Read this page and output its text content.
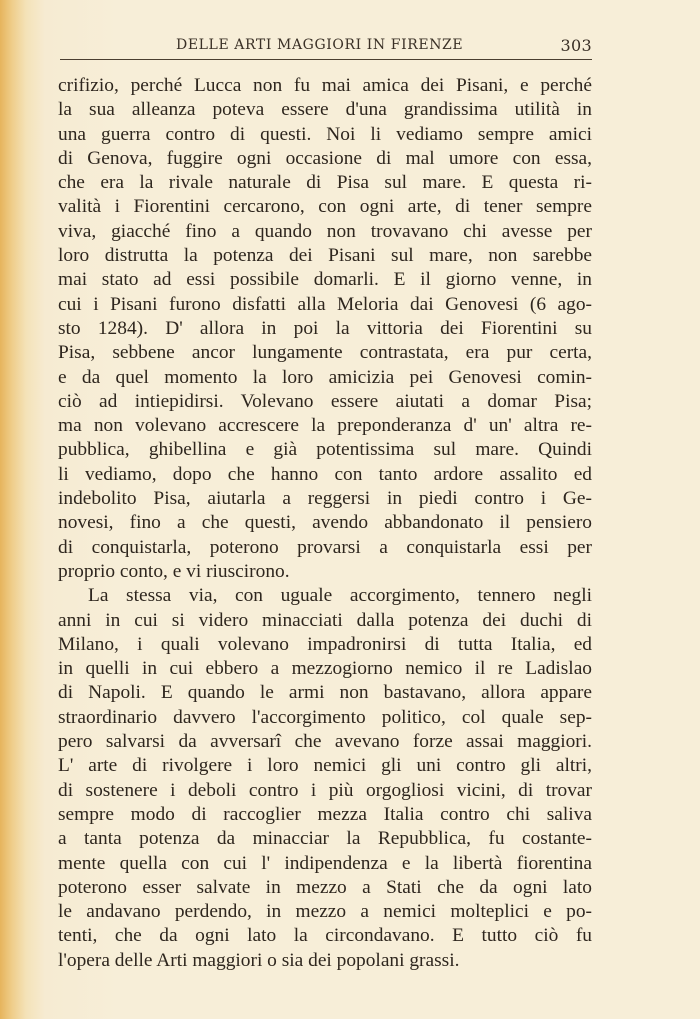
DELLE ARTI MAGGIORI IN FIRENZE	303
crifizio, perché Lucca non fu mai amica dei Pisani, e perché
la sua alleanza poteva essere d'una grandissima utilità in
una guerra contro di questi. Noi li vediamo sempre amici
di Genova, fuggire ogni occasione di mal umore con essa,
che era la rivale naturale di Pisa sul mare. E questa ri-
valità i Fiorentini cercarono, con ogni arte, di tener sempre
viva, giacché fino a quando non trovavano chi avesse per
loro distrutta la potenza dei Pisani sul mare, non sarebbe
mai stato ad essi possibile domarli. E il giorno venne, in
cui i Pisani furono disfatti alla Meloria dai Genovesi (6 ago-
sto 1284). D' allora in poi la vittoria dei Fiorentini su
Pisa, sebbene ancor lungamente contrastata, era pur certa,
e da quel momento la loro amicizia pei Genovesi comin-
ciò ad intiepidirsi. Volevano essere aiutati a domar Pisa;
ma non volevano accrescere la preponderanza d' un' altra re-
pubblica, ghibellina e già potentissima sul mare. Quindi
li vediamo, dopo che hanno con tanto ardore assalito ed
indebolito Pisa, aiutarla a reggersi in piedi contro i Ge-
novesi, fino a che questi, avendo abbandonato il pensiero
di conquistarla, poterono provarsi a conquistarla essi per
proprio conto, e vi riuscirono.
La stessa via, con uguale accorgimento, tennero negli
anni in cui si videro minacciati dalla potenza dei duchi di
Milano, i quali volevano impadronirsi di tutta Italia, ed
in quelli in cui ebbero a mezzogiorno nemico il re Ladislao
di Napoli. E quando le armi non bastavano, allora appare
straordinario davvero l'accorgimento politico, col quale sep-
pero salvarsi da avversarî che avevano forze assai maggiori.
L' arte di rivolgere i loro nemici gli uni contro gli altri,
di sostenere i deboli contro i più orgogliosi vicini, di trovar
sempre modo di raccoglier mezza Italia contro chi saliva
a tanta potenza da minacciar la Repubblica, fu costante-
mente quella con cui l' indipendenza e la libertà fiorentina
poterono esser salvate in mezzo a Stati che da ogni lato
le andavano perdendo, in mezzo a nemici molteplici e po-
tenti, che da ogni lato la circondavano. E tutto ciò fu
l'opera delle Arti maggiori o sia dei popolani grassi.
